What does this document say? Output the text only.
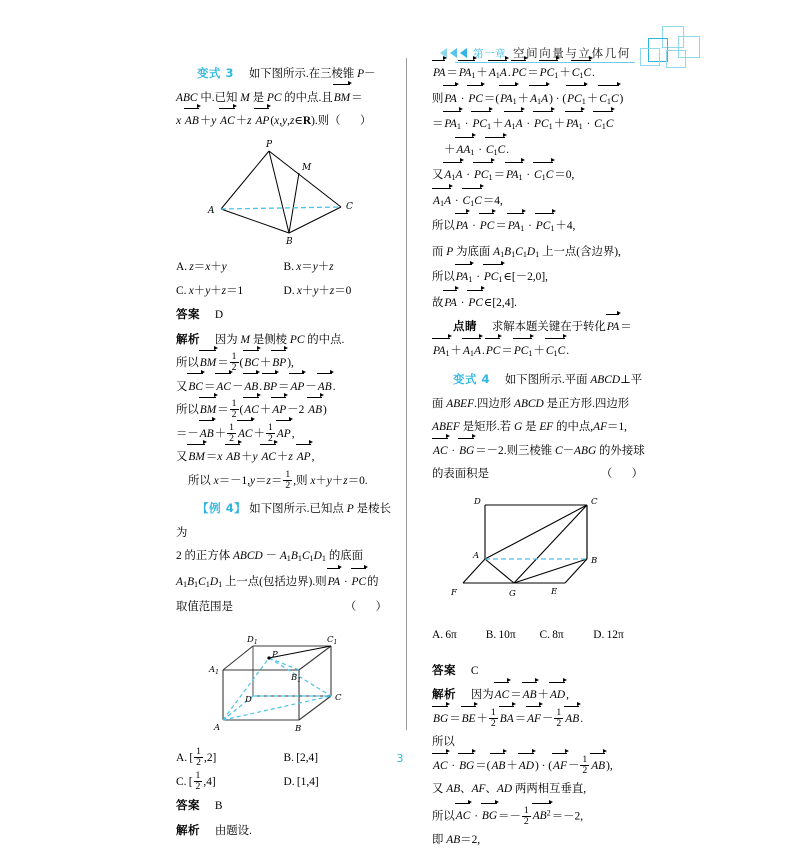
第一章 空间向量与立体几何

变式 3 如下图所示.在三棱锥 P－

ABC 中.已知 M 是 PC 的中点.且BM＝

x AB＋y AC＋z AP(x,y,z∈R).则（　）

P
M
A	C
B

A. z＝x＋y	B. x＝y＋z

C. x＋y＋z＝1	D. x＋y＋z＝0

答案 D

解析 因为 M 是侧棱 PC 的中点.

所以$BM= \frac{1}{2} (BC+BP)$,

又BC＝AC－AB.BP＝AP－AB.

所以$BM= \frac{1}{2} (AC+AP-2$ AB)

$=-AB+ \frac{1}{2} AC+ \frac{1}{2}$ AP,

又BM＝x AB＋y AC＋z AP,

所以 $x=-1,y=z= \frac{1}{2}$ ,则 x＋y＋z＝0.

【例 4】 如下图所示.已知点 P 是棱长为

2 的正方体 ABCD － $A_1B_1C_1D_1$ 的底面

$A_1B_1C_1D_1$ 上一点(包括边界).则PA · PC的

取值范围是	（　）

$D_1$	$C_1$
$A_1$
$B_1$
P
D	C
A	B

A. [ $\frac{1}{2} ,2$]	B. [2,4]

C. [ $\frac{1}{2} ,4$]	D. [1,4]

答案 B

解析 由题设.

$PA=PA_1+A_1A.PC=PC_1+C_1C$.

则PA · $PC=(PA_1+A_1A) \cdot (PC_1+C_1C)$

$=PA_1 \cdot PC_1+A_1A \cdot PC_1+PA_1 \cdot C_1C$

$+AA_1 \cdot C_1C$.

又$A_1A \cdot PC_1=PA_1 \cdot C_1C=0$,

$A_1A \cdot C_1C=4$,

所以PA · $PC=PA_1 \cdot PC_1+4$,

而 P 为底面 $A_1B_1C_1D_1$ 上一点(含边界),

所以$PA_1$ · $PC_1\in[-2,0]$,

故PA · PC∈[2,4].

点睛 求解本题关键在于转化PA＝

$PA_1+A_1A.PC=PC_1+C_1C$.

变式 4 如下图所示.平面 ABCD⊥平

面 ABEF.四边形 ABCD 是正方形.四边形

ABEF 是矩形.若 G 是 EF 的中点,AF＝1,

AC · BG＝－2.则三棱锥 C－ABG 的外接球

的表面积是	（　）

D	C
A	B
F	G	E

A. 6π	B. 10π	C. 8π	D. 12π

答案 C

解析 因为AC＝AB＋AD,

$BG=BE+ \frac{1}{2} BA=AF- \frac{1}{2}$ AB.

所以

AC · $BG=(AB+AD) \cdot (AF- \frac{1}{2} AB)$,

又 AB、AF、AD 两两相互垂直,

所以AC · $BG=- \frac{1}{2} AB^2=-2$,

即 AB＝2,

3
